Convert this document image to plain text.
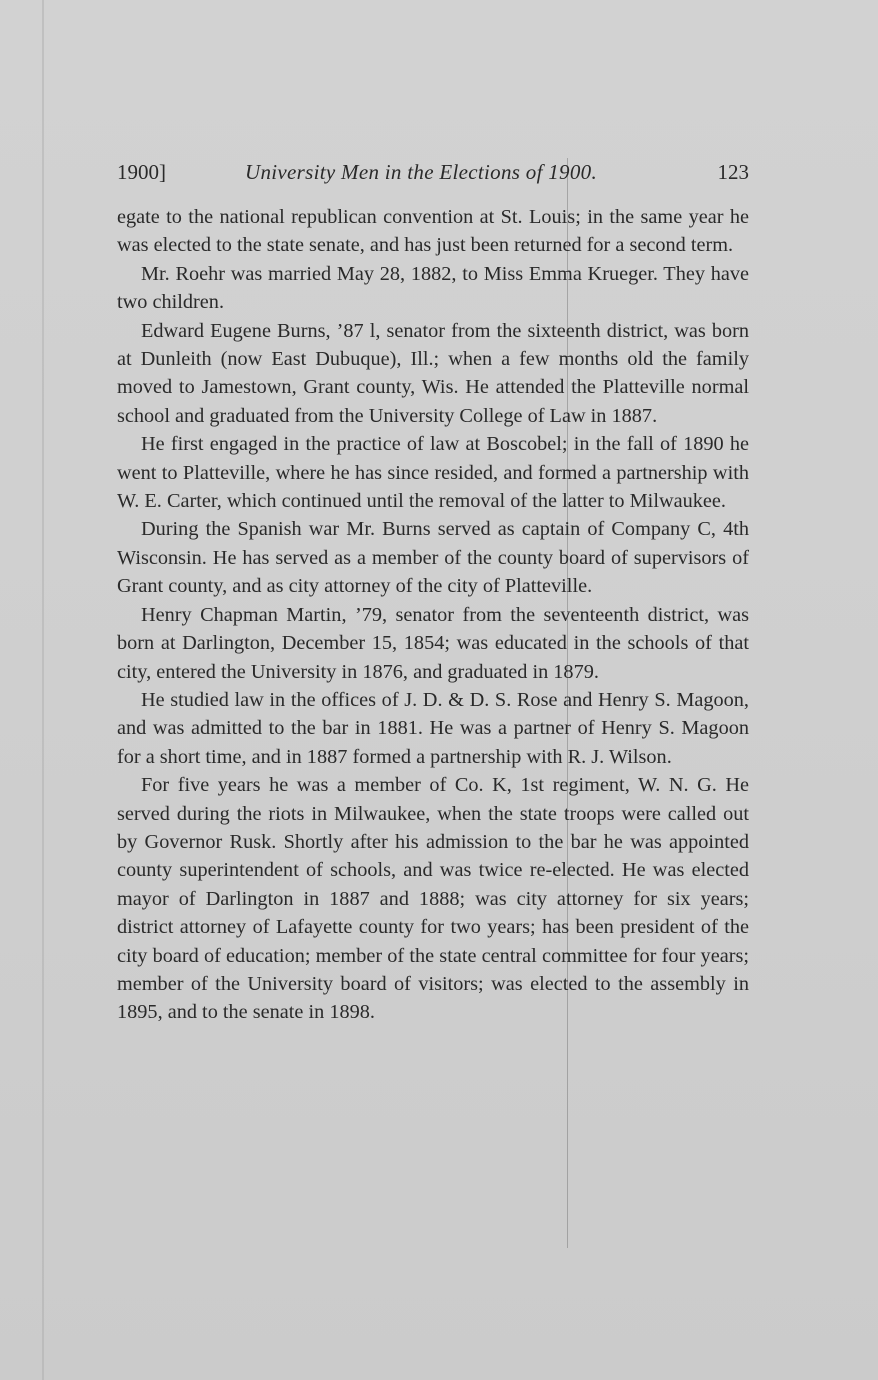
1900]	University Men in the Elections of 1900.	123

egate to the national republican convention at St. Louis; in the same year he was elected to the state senate, and has just been returned for a second term.

Mr. Roehr was married May 28, 1882, to Miss Emma Krueger. They have two children.

Edward Eugene Burns, ’87 l, senator from the sixteenth district, was born at Dunleith (now East Dubuque), Ill.; when a few months old the family moved to Jamestown, Grant county, Wis. He attended the Platteville normal school and graduated from the University College of Law in 1887.

He first engaged in the practice of law at Boscobel; in the fall of 1890 he went to Platteville, where he has since resided, and formed a partnership with W. E. Carter, which continued until the removal of the latter to Milwaukee.

During the Spanish war Mr. Burns served as captain of Company C, 4th Wisconsin. He has served as a member of the county board of supervisors of Grant county, and as city attorney of the city of Platteville.

Henry Chapman Martin, ’79, senator from the seventeenth district, was born at Darlington, December 15, 1854; was educated in the schools of that city, entered the University in 1876, and graduated in 1879.

He studied law in the offices of J. D. & D. S. Rose and Henry S. Magoon, and was admitted to the bar in 1881. He was a partner of Henry S. Magoon for a short time, and in 1887 formed a partnership with R. J. Wilson.

For five years he was a member of Co. K, 1st regiment, W. N. G. He served during the riots in Milwaukee, when the state troops were called out by Governor Rusk. Shortly after his admission to the bar he was appointed county superintendent of schools, and was twice re-elected. He was elected mayor of Darlington in 1887 and 1888; was city attorney for six years; district attorney of Lafayette county for two years; has been president of the city board of education; member of the state central committee for four years; member of the University board of visitors; was elected to the assembly in 1895, and to the senate in 1898.
